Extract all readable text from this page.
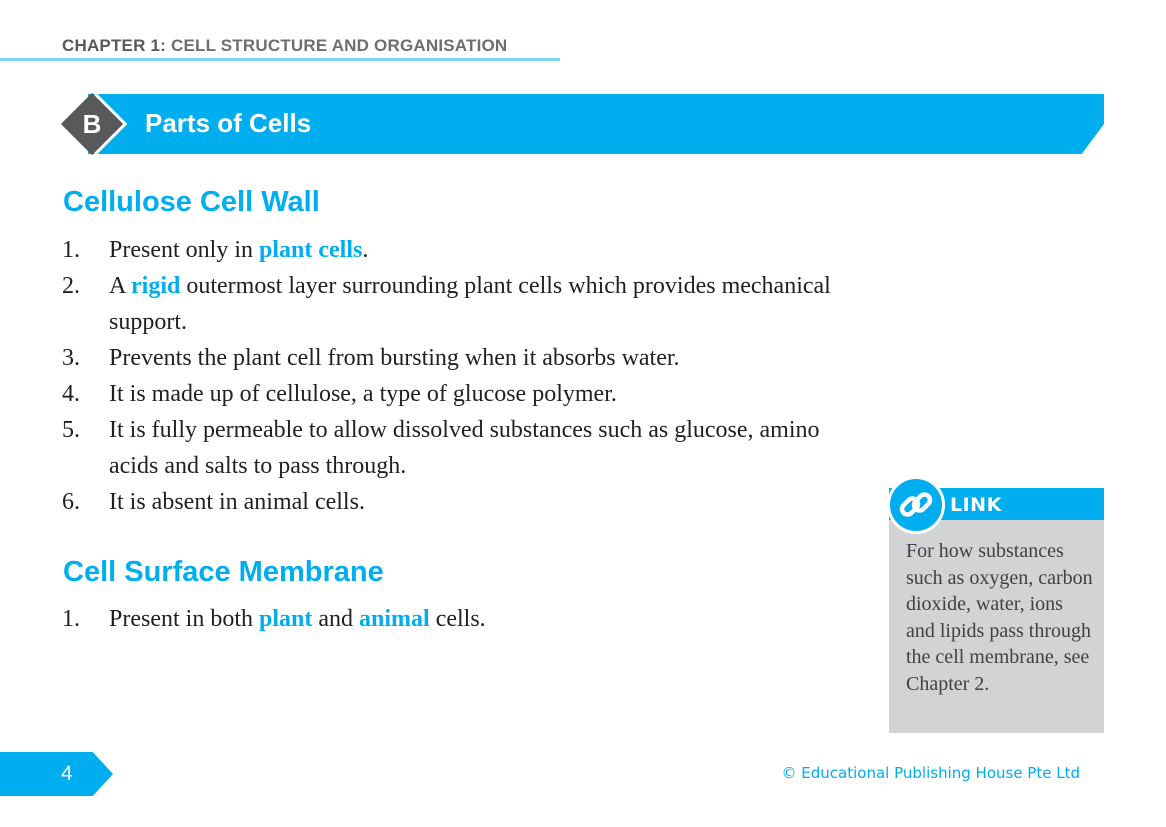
CHAPTER 1: CELL STRUCTURE AND ORGANISATION
B	Parts of Cells
Cellulose Cell Wall
1. Present only in plant cells.
2. A rigid outermost layer surrounding plant cells which provides mechanical support.
3. Prevents the plant cell from bursting when it absorbs water.
4. It is made up of cellulose, a type of glucose polymer.
5. It is fully permeable to allow dissolved substances such as glucose, amino acids and salts to pass through.
6. It is absent in animal cells.
Cell Surface Membrane
1. Present in both plant and animal cells.
LINK
For how substances such as oxygen, carbon dioxide, water, ions and lipids pass through the cell membrane, see Chapter 2.
4	© Educational Publishing House Pte Ltd
